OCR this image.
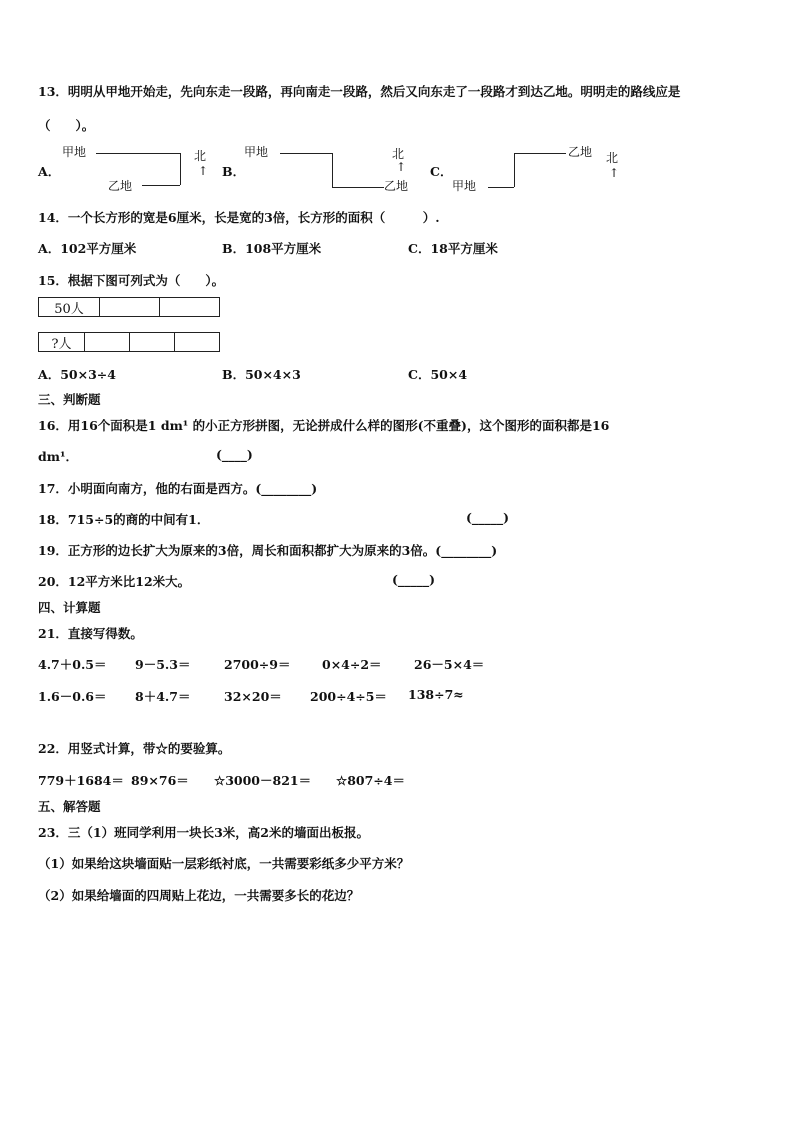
13．明明从甲地开始走，先向东走一段路，再向南走一段路，然后又向东走了一段路才到达乙地。明明走的路线应是
（　　）。
A．
甲地
乙地
北
↑ B．
甲地
乙地
北
↑ C．
甲地
乙地 北
↑
14．一个长方形的宽是6厘米，长是宽的3倍，长方形的面积（　　　）.
A．102平方厘米	B．108平方厘米	C．18平方厘米
15．根据下图可列式为（　　）。
50人
?人
A．50×3÷4	B．50×4×3	C．50×4
三、判断题
16．用16个面积是1 dm¹ 的小正方形拼图，无论拼成什么样的图形(不重叠)，这个图形的面积都是16
dm¹．	(____)
17．小明面向南方，他的右面是西方。(________)
18．715÷5的商的中间有1．	(_____)
19．正方形的边长扩大为原来的3倍，周长和面积都扩大为原来的3倍。(________)
20．12平方米比12米大。	(_____)
四、计算题
21．直接写得数。
4.7＋0.5＝ 9－5.3＝	2700÷9＝	0×4÷2＝	26－5×4＝
1.6－0.6＝ 8＋4.7＝	32×20＝ 200÷4÷5＝ 138÷7≈
22．用竖式计算，带☆的要验算。
779＋1684＝ 89×76＝ ☆3000－821＝ ☆807÷4＝
五、解答题
23．三（1）班同学利用一块长3米，高2米的墙面出板报。
（1）如果给这块墙面贴一层彩纸衬底，一共需要彩纸多少平方米？
（2）如果给墙面的四周贴上花边，一共需要多长的花边？
